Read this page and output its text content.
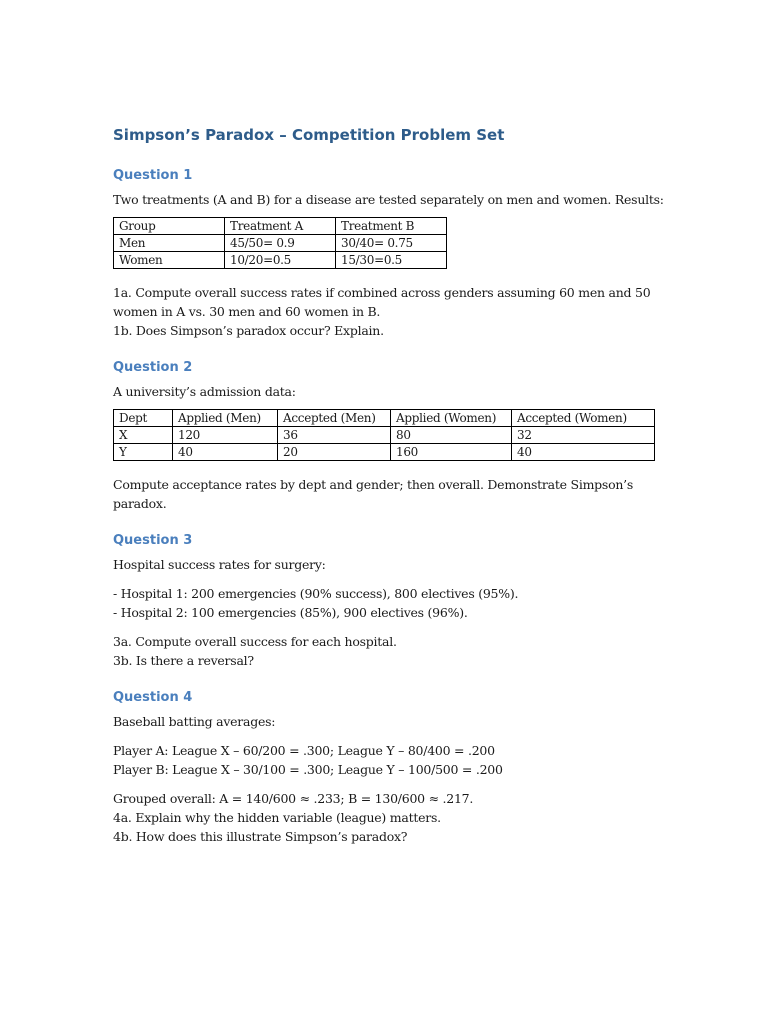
Simpson’s Paradox – Competition Problem Set
Question 1

Two treatments (A and B) for a disease are tested separately on men and women. Results:

Group	Treatment A	Treatment B
Men	45/50= 0.9	30/40= 0.75
Women	10/20=0.5	15/30=0.5

1a. Compute overall success rates if combined across genders assuming 60 men and 50

women in A vs. 30 men and 60 women in B.

1b. Does Simpson’s paradox occur? Explain.

Question 2

A university’s admission data:

Dept	Applied (Men)	Accepted (Men)	Applied (Women)	Accepted (Women)
X	120	36	80	32
Y	40	20	160	40

Compute acceptance rates by dept and gender; then overall. Demonstrate Simpson’s

paradox.

Question 3

Hospital success rates for surgery:

- Hospital 1: 200 emergencies (90% success), 800 electives (95%).

- Hospital 2: 100 emergencies (85%), 900 electives (96%).

3a. Compute overall success for each hospital.

3b. Is there a reversal?

Question 4

Baseball batting averages:

Player A: League X – 60/200 = .300; League Y – 80/400 = .200

Player B: League X – 30/100 = .300; League Y – 100/500 = .200

Grouped overall: A = 140/600 ≈ .233; B = 130/600 ≈ .217.

4a. Explain why the hidden variable (league) matters.

4b. How does this illustrate Simpson’s paradox?
